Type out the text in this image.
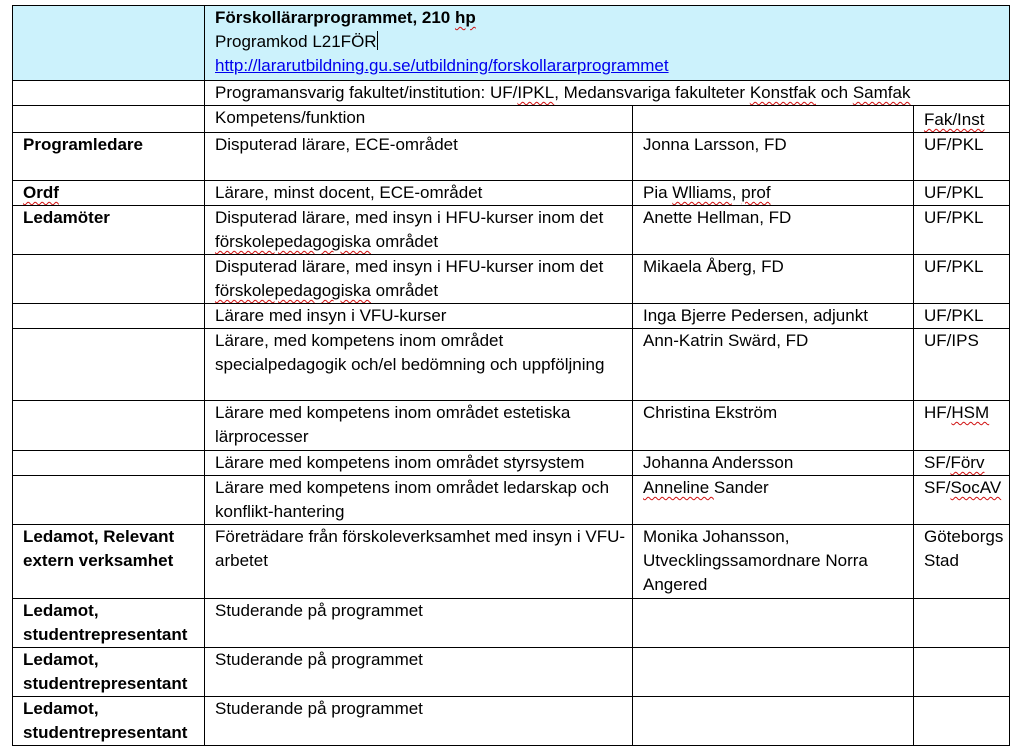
	Förskollärarprogrammet, 210 hp
Programkod L21FÖR
http://lararutbildning.gu.se/utbildning/forskollararprogrammet		

	Programansvarig fakultet/institution: UF/IPKL, Medansvariga fakulteter Konstfak och Samfak		
	Kompetens/funktion		Fak/Inst
Programledare	Disputerad lärare, ECE-området	Jonna Larsson, FD	UF/PKL
Ordf	Lärare, minst docent, ECE-området	Pia Wlliams, prof	UF/PKL
Ledamöter	Disputerad lärare, med insyn i HFU-kurser inom det förskolepedagogiska området	Anette Hellman, FD	UF/PKL
	Disputerad lärare, med insyn i HFU-kurser inom det förskolepedagogiska området	Mikaela Åberg, FD	UF/PKL
	Lärare med insyn i VFU-kurser	Inga Bjerre Pedersen, adjunkt	UF/PKL
	Lärare, med kompetens inom området specialpedagogik och/el bedömning och uppföljning	Ann-Katrin Swärd, FD	UF/IPS
	Lärare med kompetens inom området estetiska lärprocesser	Christina Ekström	HF/HSM
	Lärare med kompetens inom området styrsystem	Johanna Andersson	SF/Förv
	Lärare med kompetens inom området ledarskap och konflikt-hantering	Anneline Sander	SF/SocAV
Ledamot, Relevant extern verksamhet	Företrädare från förskoleverksamhet med insyn i VFU-arbetet	Monika Johansson, Utvecklingssamordnare Norra Angered	Göteborgs Stad
Ledamot, studentrepresentant	Studerande på programmet		
Ledamot, studentrepresentant	Studerande på programmet		
Ledamot, studentrepresentant	Studerande på programmet		
